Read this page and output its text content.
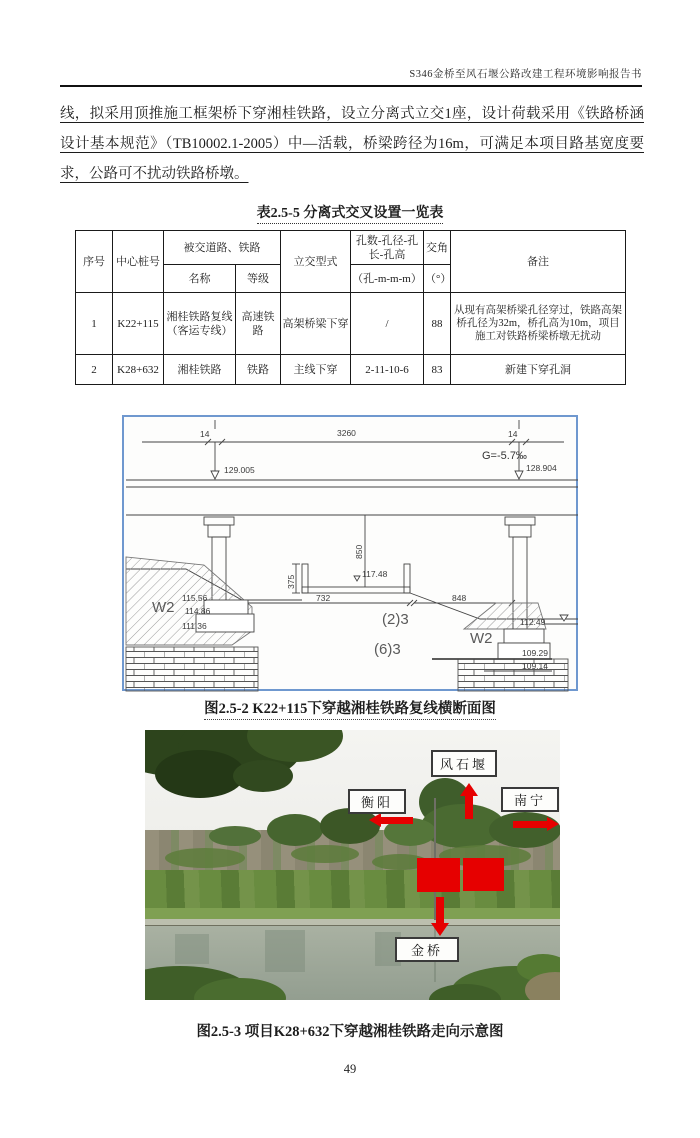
S346金桥至风石堰公路改建工程环境影响报告书
线，拟采用顶推施工框架桥下穿湘桂铁路，设立分离式立交1座，设计荷载采用《铁路桥涵设计基本规范》（TB10002.1-2005）中—活载，桥梁跨径为16m，可满足本项目路基宽度要求，公路可不扰动铁路桥墩。
表2.5-5 分离式交叉设置一览表
序号	中心桩号	被交道路、铁路		立交型式	孔数-孔径-孔长-孔高	交角	备注
		名称	等级		（孔-m-m-m）	（°）	
1	K22+115	湘桂铁路复线（客运专线）	高速铁路	高架桥梁下穿	/	88	从现有高架桥梁孔径穿过，铁路高架桥孔径为32m，桥孔高为10m，项目施工对铁路桥梁桥墩无扰动
2	K28+632	湘桂铁路	铁路	主线下穿	2-11-10-6	83	新建下穿孔洞
14	3260	14
G=-5.7‰
129.005	128.904
117.48
850
375
732	848
W2
115.56
114.86
111.36	(2)3
(6)3
W2
112.49
109.29
109.14
图2.5-2 K22+115下穿越湘桂铁路复线横断面图
风石堰
衡阳	南宁
金桥
图2.5-3 项目K28+632下穿越湘桂铁路走向示意图
49
